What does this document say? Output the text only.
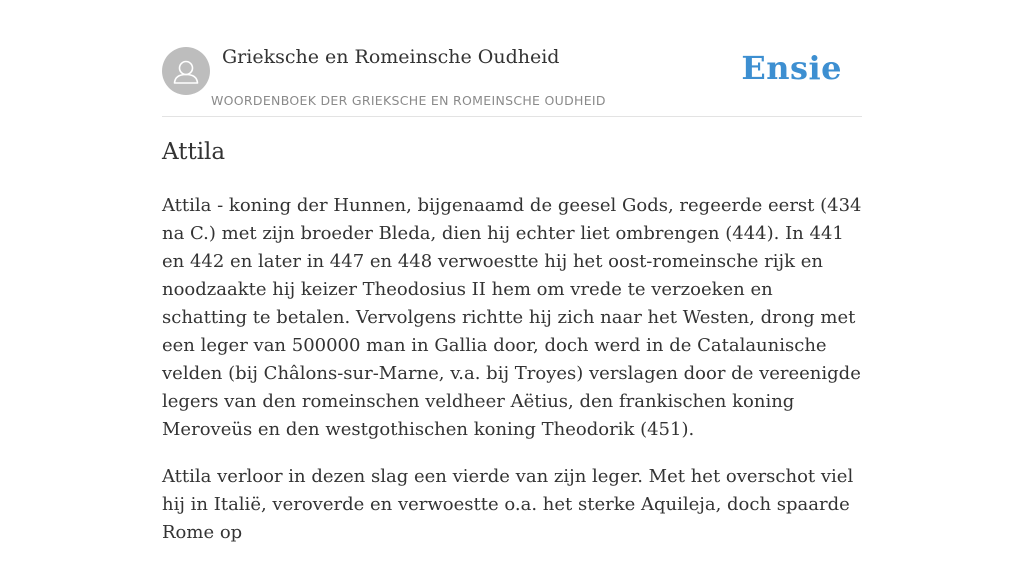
Grieksche en Romeinsche Oudheid
WOORDENBOEK DER GRIEKSCHE EN ROMEINSCHE OUDHEID
Ensie
Attila

Attila - koning der Hunnen, bijgenaamd de geesel Gods, regeerde eerst (434 na C.) met zijn broeder Bleda, dien hij echter liet ombrengen (444). In 441 en 442 en later in 447 en 448 verwoestte hij het oost-romeinsche rijk en noodzaakte hij keizer Theodosius II hem om vrede te verzoeken en schatting te betalen. Vervolgens richtte hij zich naar het Westen, drong met een leger van 500000 man in Gallia door, doch werd in de Catalaunische velden (bij Châlons-sur-Marne, v.a. bij Troyes) verslagen door de vereenigde legers van den romeinschen veldheer Aëtius, den frankischen koning Meroveüs en den westgothischen koning Theodorik (451).

Attila verloor in dezen slag een vierde van zijn leger. Met het overschot viel hij in Italië, veroverde en verwoestte o.a. het sterke Aquileja, doch spaarde Rome op
